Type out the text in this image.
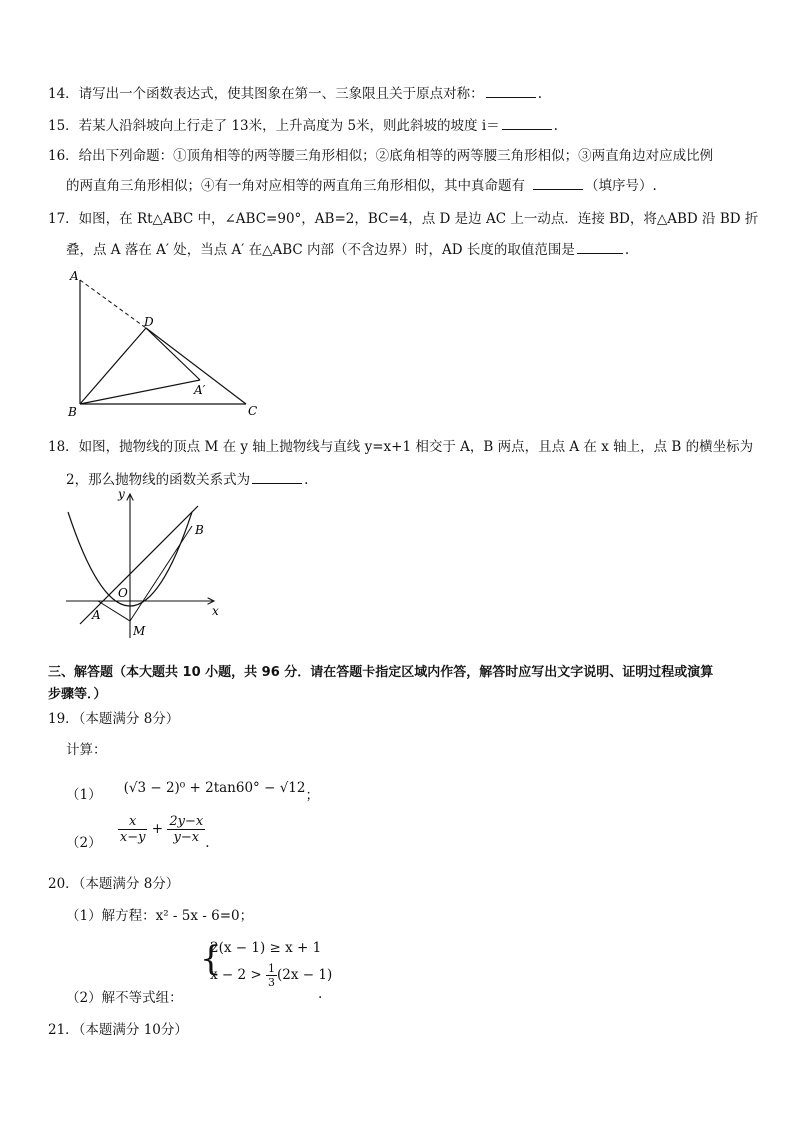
14．请写出一个函数表达式，使其图象在第一、三象限且关于原点对称：	.
15．若某人沿斜坡向上行走了 13米，上升高度为 5米，则此斜坡的坡度 i＝	.
16．给出下列命题：①顶角相等的两等腰三角形相似；②底角相等的两等腰三角形相似；③两直角边对应成比例
的两直角三角形相似；④有一角对应相等的两直角三角形相似，其中真命题有	（填序号）.
17．如图，在 Rt△ABC 中，∠ABC=90°，AB=2，BC=4，点 D 是边 AC 上一动点．连接 BD，将△ABD 沿 BD 折
叠，点 A 落在 A′ 处，当点 A′ 在△ABC 内部（不含边界）时，AD 长度的取值范围是	.
A
B	C
D
A′
18．如图，抛物线的顶点 M 在 y 轴上抛物线与直线 y=x+1 相交于 A，B 两点，且点 A 在 x 轴上，点 B 的横坐标为
2，那么抛物线的函数关系式为	.
y
x
O
A
B
M
三、解答题（本大题共 10 小题，共 96 分．请在答题卡指定区域内作答，解答时应写出文字说明、证明过程或演算
步骤等．）
19．（本题满分 8分）
计算：
（1） (√3 − 2)⁰ + 2tan60° − √12；
$(2) \frac{x}{x-y} + \frac{2y-x}{y-x}$ .
20．（本题满分 8分）
（1）解方程：x² - 5x - 6=0；
{
2(x − 1) ≥ x + 1
$x - 2 > \frac{1}{3} (2x - 1)$
（2）解不等式组：	.
21．（本题满分 10分）
